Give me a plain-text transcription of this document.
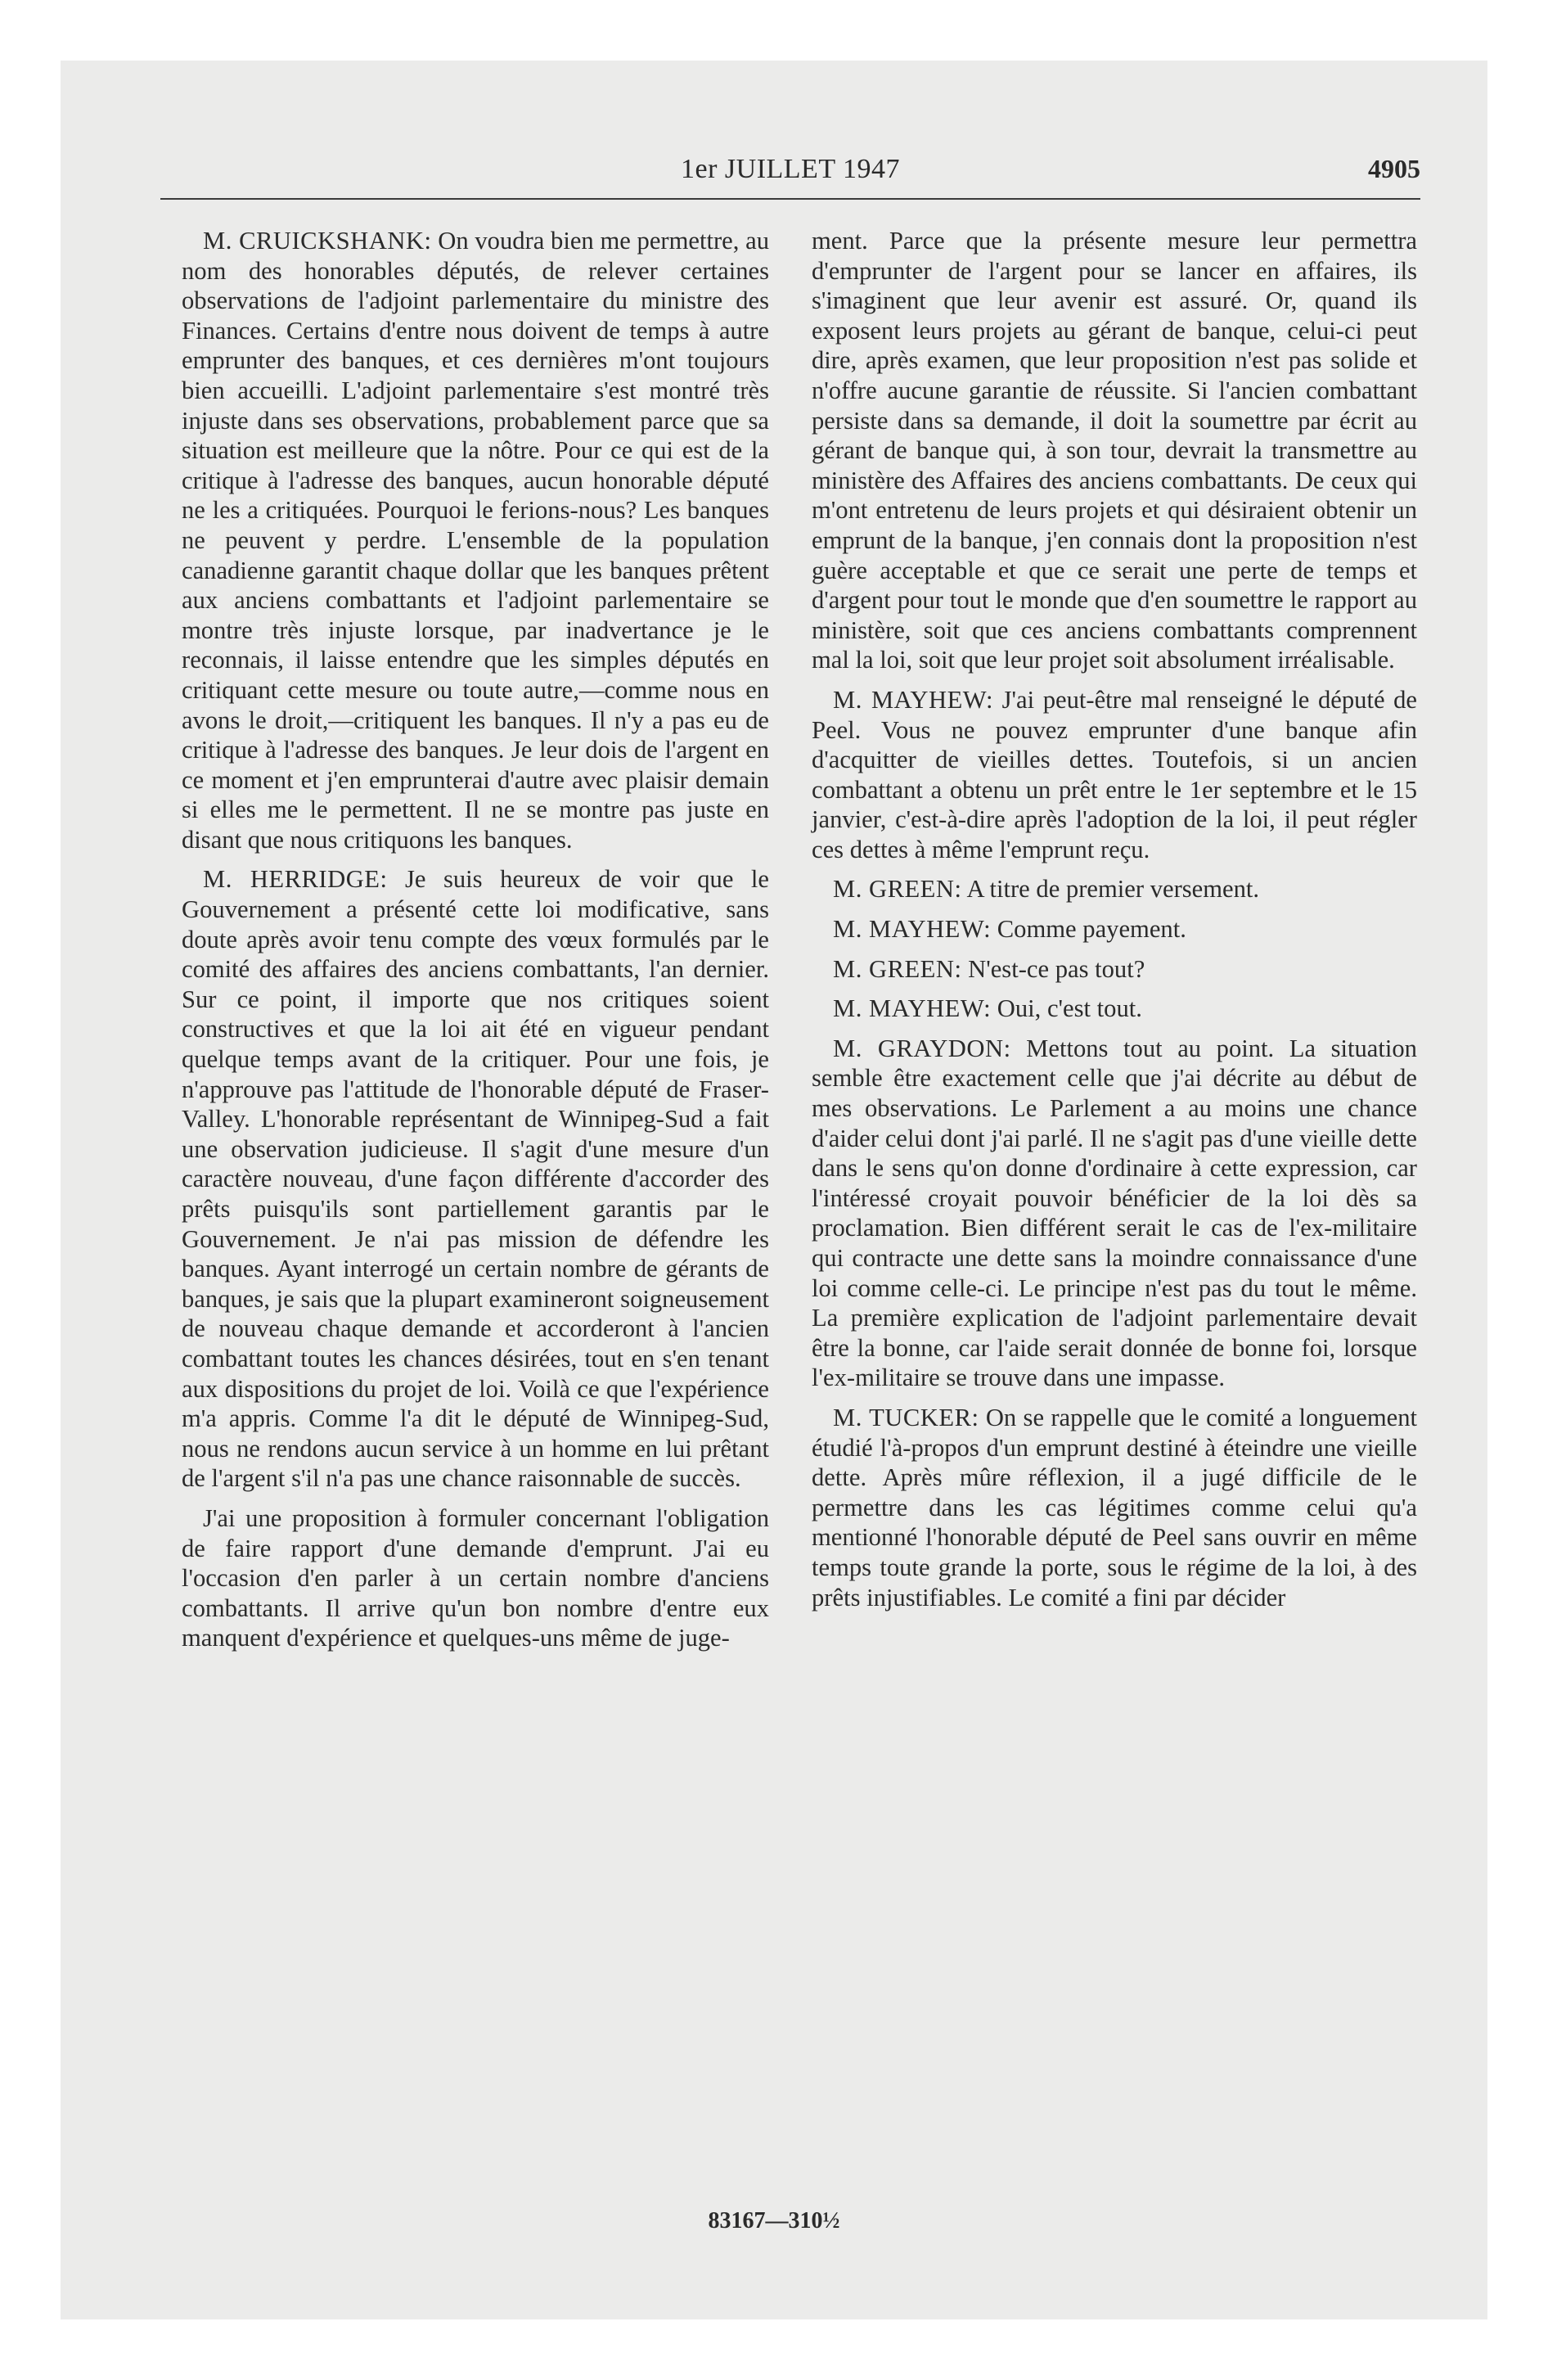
1er JUILLET 1947	4905

M. CRUICKSHANK: On voudra bien me permettre, au nom des honorables députés, de relever certaines observations de l'adjoint parlementaire du ministre des Finances. Certains d'entre nous doivent de temps à autre emprunter des banques, et ces dernières m'ont toujours bien accueilli. L'adjoint parlementaire s'est montré très injuste dans ses observations, probablement parce que sa situation est meilleure que la nôtre. Pour ce qui est de la critique à l'adresse des banques, aucun honorable député ne les a critiquées. Pourquoi le ferions-nous? Les banques ne peuvent y perdre. L'ensemble de la population canadienne garantit chaque dollar que les banques prêtent aux anciens combattants et l'adjoint parlementaire se montre très injuste lorsque, par inadvertance je le reconnais, il laisse entendre que les simples députés en critiquant cette mesure ou toute autre,—comme nous en avons le droit,—critiquent les banques. Il n'y a pas eu de critique à l'adresse des banques. Je leur dois de l'argent en ce moment et j'en emprunterai d'autre avec plaisir demain si elles me le permettent. Il ne se montre pas juste en disant que nous critiquons les banques.

M. HERRIDGE: Je suis heureux de voir que le Gouvernement a présenté cette loi modificative, sans doute après avoir tenu compte des vœux formulés par le comité des affaires des anciens combattants, l'an dernier. Sur ce point, il importe que nos critiques soient constructives et que la loi ait été en vigueur pendant quelque temps avant de la critiquer. Pour une fois, je n'approuve pas l'attitude de l'honorable député de Fraser-Valley. L'honorable représentant de Winnipeg-Sud a fait une observation judicieuse. Il s'agit d'une mesure d'un caractère nouveau, d'une façon différente d'accorder des prêts puisqu'ils sont partiellement garantis par le Gouvernement. Je n'ai pas mission de défendre les banques. Ayant interrogé un certain nombre de gérants de banques, je sais que la plupart examineront soigneusement de nouveau chaque demande et accorderont à l'ancien combattant toutes les chances désirées, tout en s'en tenant aux dispositions du projet de loi. Voilà ce que l'expérience m'a appris. Comme l'a dit le député de Winnipeg-Sud, nous ne rendons aucun service à un homme en lui prêtant de l'argent s'il n'a pas une chance raisonnable de succès.

J'ai une proposition à formuler concernant l'obligation de faire rapport d'une demande d'emprunt. J'ai eu l'occasion d'en parler à un certain nombre d'anciens combattants. Il arrive qu'un bon nombre d'entre eux manquent d'expérience et quelques-uns même de juge-

ment. Parce que la présente mesure leur permettra d'emprunter de l'argent pour se lancer en affaires, ils s'imaginent que leur avenir est assuré. Or, quand ils exposent leurs projets au gérant de banque, celui-ci peut dire, après examen, que leur proposition n'est pas solide et n'offre aucune garantie de réussite. Si l'ancien combattant persiste dans sa demande, il doit la soumettre par écrit au gérant de banque qui, à son tour, devrait la transmettre au ministère des Affaires des anciens combattants. De ceux qui m'ont entretenu de leurs projets et qui désiraient obtenir un emprunt de la banque, j'en connais dont la proposition n'est guère acceptable et que ce serait une perte de temps et d'argent pour tout le monde que d'en soumettre le rapport au ministère, soit que ces anciens combattants comprennent mal la loi, soit que leur projet soit absolument irréalisable.

M. MAYHEW: J'ai peut-être mal renseigné le député de Peel. Vous ne pouvez emprunter d'une banque afin d'acquitter de vieilles dettes. Toutefois, si un ancien combattant a obtenu un prêt entre le 1er septembre et le 15 janvier, c'est-à-dire après l'adoption de la loi, il peut régler ces dettes à même l'emprunt reçu.

M. GREEN: A titre de premier versement.

M. MAYHEW: Comme payement.

M. GREEN: N'est-ce pas tout?

M. MAYHEW: Oui, c'est tout.

M. GRAYDON: Mettons tout au point. La situation semble être exactement celle que j'ai décrite au début de mes observations. Le Parlement a au moins une chance d'aider celui dont j'ai parlé. Il ne s'agit pas d'une vieille dette dans le sens qu'on donne d'ordinaire à cette expression, car l'intéressé croyait pouvoir bénéficier de la loi dès sa proclamation. Bien différent serait le cas de l'ex-militaire qui contracte une dette sans la moindre connaissance d'une loi comme celle-ci. Le principe n'est pas du tout le même. La première explication de l'adjoint parlementaire devait être la bonne, car l'aide serait donnée de bonne foi, lorsque l'ex-militaire se trouve dans une impasse.

M. TUCKER: On se rappelle que le comité a longuement étudié l'à-propos d'un emprunt destiné à éteindre une vieille dette. Après mûre réflexion, il a jugé difficile de le permettre dans les cas légitimes comme celui qu'a mentionné l'honorable député de Peel sans ouvrir en même temps toute grande la porte, sous le régime de la loi, à des prêts injustifiables. Le comité a fini par décider

83167—310½
